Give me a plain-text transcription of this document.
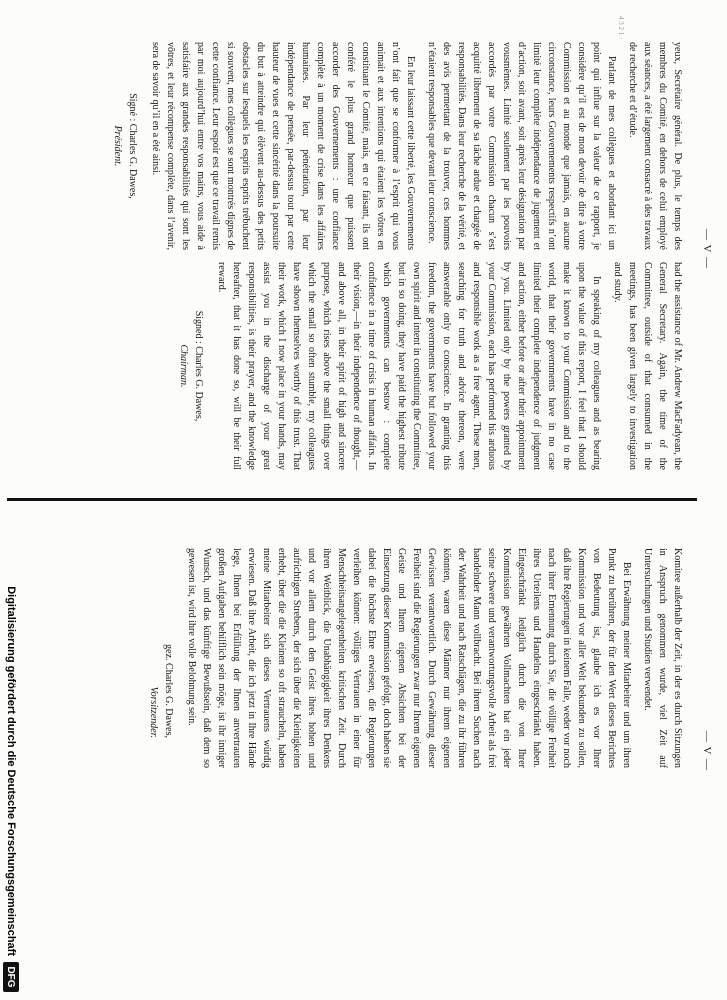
— V —
4 3 2 1 ·

yeux, Secrétaire général. De plus, le temps des membres du Comité, en dehors de celui employé aux séances, a été largement consacré à des travaux de recherche et d’étude.

Parlant de mes collègues et abordant ici un point qui influe sur la valeur de ce rapport, je considère qu’il est de mon devoir de dire à votre Commission et au monde que jamais, en aucune circonstance, leurs Gouvernements respectifs n’ont limité leur complète indépendance de jugement et d’action, soit avant, soit après leur désignation par vousmêmes. Limité seulement par les pouvoirs accordés par votre Commission chacun s’est acquitté librement de sa tâche ardue et chargée de responsabilités. Dans leur recherche de la vérité, et des avis permettant de la trouver, ces hommes n’étaient responsables que devant leur conscience.

En leur laissant cette liberté, les Gouvernements n’ont fait que se conformer à l’esprit qui vous animait et aux intentions qui étaient les vôtres en constituant le Comité, mais, en ce faisant, ils ont conféré le plus grand honneur que puissent accorder des Gouvernements : une confiance complète à un moment de crise dans les affaires humaines. Par leur pénétration, par leur indépendance de pensée, par-dessus tout par cette hauteur de vues et cette sincérité dans la poursuite du but à atteindre qui élèvent au-dessus des petits obstacles sur lesquels les esprits esprits trébuchent si souvent, mes collègues se sont montrés dignes de cette confiance. Leur espoir est que ce travail remis par moi aujourd’hui entre vos mains, vous aide à satisfaire aux grandes responsabilités qui sont les vôtres, et leur récompense complète, dans l’avenir, sera de savoir qu’il en a été ainsi.

Signé : Charles G. Dawes,
Président.

had the assistance of Mr. Andrew MacFadyean, the General Secretary. Again, the time of the Committee, outside of that consumed in the meetings, has been given largely to investigation and study.

In speaking of my colleagues and as bearing upon the value of this report, I feel that I should make it known to your Commission and to the world, that their governments have in no case limited their complete independence of judgment and action, either before or after their appointment by you. Limited only by the powers granted by your Commission, each has performed his arduous and responsible work as a free agent. These men, searching for truth and advice thereon, were answerable only to conscience. In granting this freedom, the governments have but followed your own spirit and intent in constituting the Committee, but in so doing, they have paid the highest tribute which governments can bestow : complete confidence in a time of crisis in human affairs. In their vision,—in their independence of thought,—and above all, in their spirit of high and sincere purpose, which rises above the small things over which the small so often stumble, my colleagues have shown themselves worthy of this trust. That their work, which I now place in your hands, may assist you in the discharge of your great responsibilities, is their prayer, and the knowledge hereafter, that it has done so, will be their full reward.

Signed : Charles G. Dawes,
Chairman.

— V —

Komitee außerhalb der Zeit, in der es durch Sitzungen in Anspruch genommen wurde, viel Zeit auf Untersuchungen und Studien verwendet.

Bei Erwähnung meiner Mitarbeiter und um ihren Punkt zu berühren, der für den Wert dieses Berichtes von Bedeutung ist, glaube ich es vor Ihrer Kommission und vor aller Welt bekunden zu sollen, daß ihre Regierungen in keinem Falle, weder vor noch nach ihrer Ernennung durch Sie, die völlige Freiheit ihres Urteilens und Handelns eingeschränkt haben. Eingeschränkt lediglich durch die von Ihrer Kommission gewährten Vollmachten hat ein jeder seine schwere und verantwortungsvolle Arbeit als frei handelnder Mann vollbracht. Bei ihrem Suchen nach der Wahrheit und nach Ratschlägen, die zu ihr führen könnten, waren diese Männer nur ihrem eigenen Gewissen verantwortlich. Durch Gewährung dieser Freiheit sind die Regierungen zwar nur Ihrem eigenen Geiste und Ihrem eigenen Absichten bei der Einsetzung dieser Kommission gefolgt, doch haben sie dabei die höchste Ehre erwiesen, die Regierungen verleihen können: völliges Vertrauen in einer für Menschheitsangelegenheiten kritischen Zeit. Durch ihren Weitblick, die Unabhängigkeit ihres Denkens und vor allem durch den Geist ihres hohen und aufrichtigen Strebens, der sich über die Kleinigkeiten erhebt, über die die Kleinen so oft straucheln, haben meine Mitarbeiter sich dieses Vertrauens würdig erwiesen. Daß ihre Arbeit, die ich jetzt in Ihre Hände lege, Ihnen bei Erfüllung der Ihnen anvertrauten großen Aufgaben behilflich sein möge, ist ihr inniger Wunsch, und das künftige Bewußtsein, daß dem so gewesen ist, wird ihre volle Belohnung sein.

gez. Charles G. Dawes,
Vorsitzender.

Digitalisierung gefördert durch die Deutsche Forschungsgemeinschaft
DFG
